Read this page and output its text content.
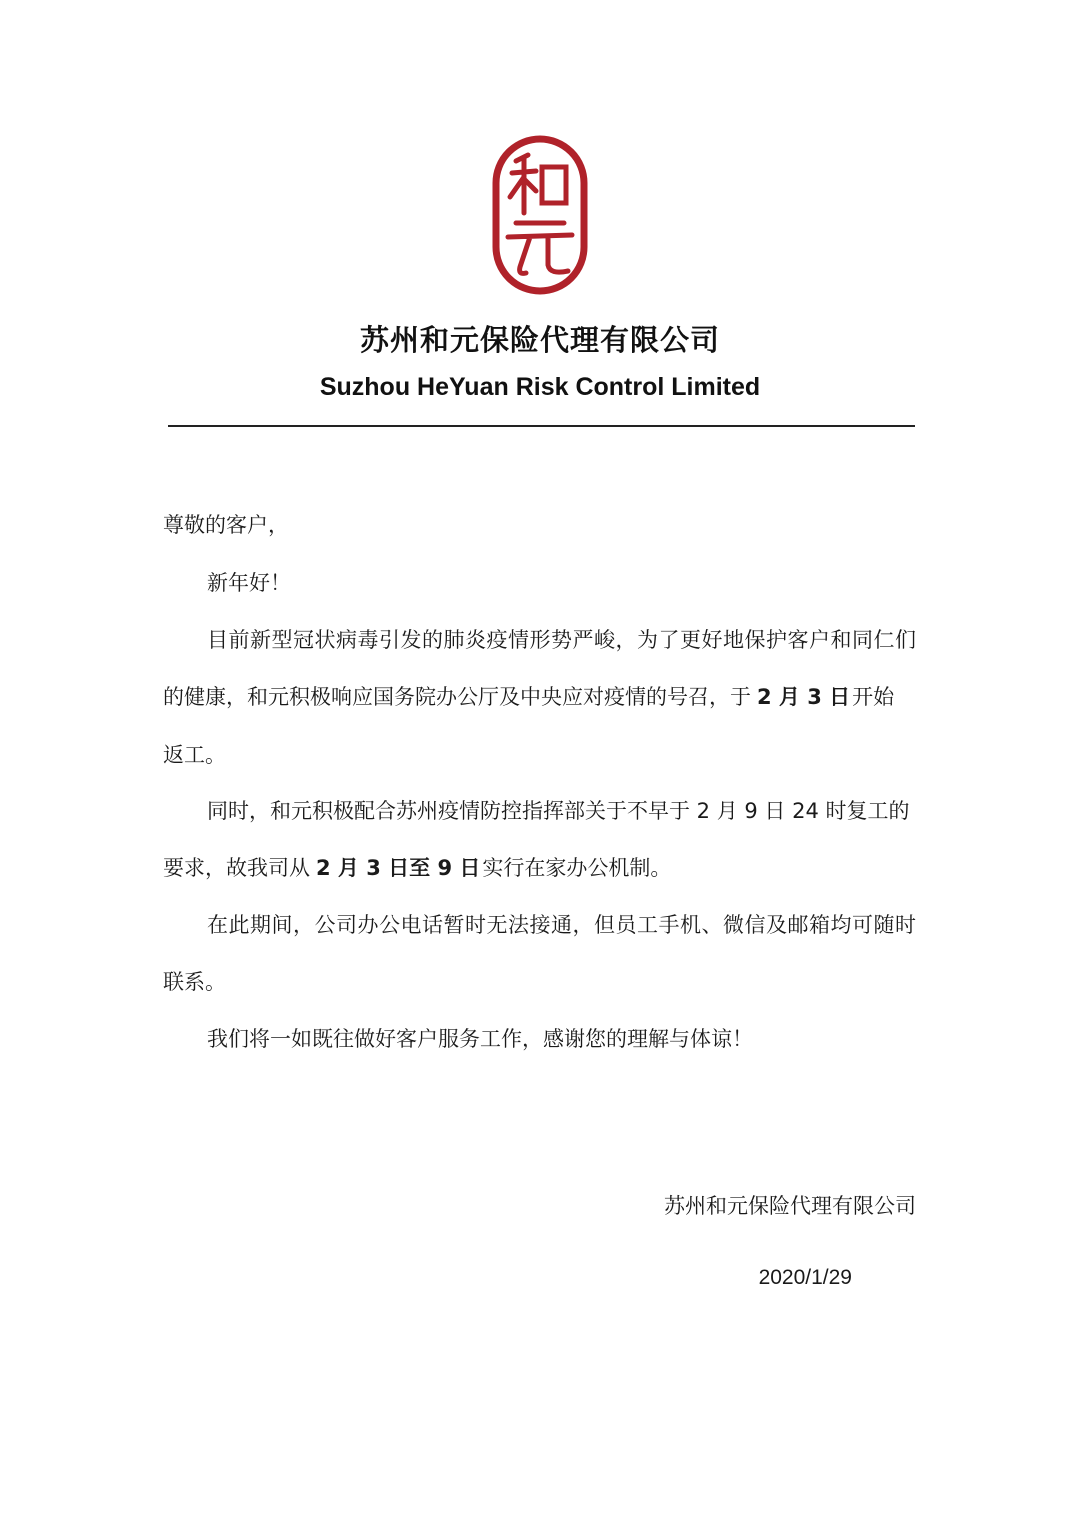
苏州和元保险代理有限公司
Suzhou HeYuan Risk Control Limited
尊敬的客户，
新年好！
目前新型冠状病毒引发的肺炎疫情形势严峻，为了更好地保护客户和同仁们
的健康，和元积极响应国务院办公厅及中央应对疫情的号召，于 2 月 3 日开始
返工。
同时，和元积极配合苏州疫情防控指挥部关于不早于 2 月 9 日 24 时复工的
要求，故我司从 2 月 3 日至 9 日实行在家办公机制。
在此期间，公司办公电话暂时无法接通，但员工手机、微信及邮箱均可随时
联系。
我们将一如既往做好客户服务工作，感谢您的理解与体谅！
苏州和元保险代理有限公司
2020/1/29
